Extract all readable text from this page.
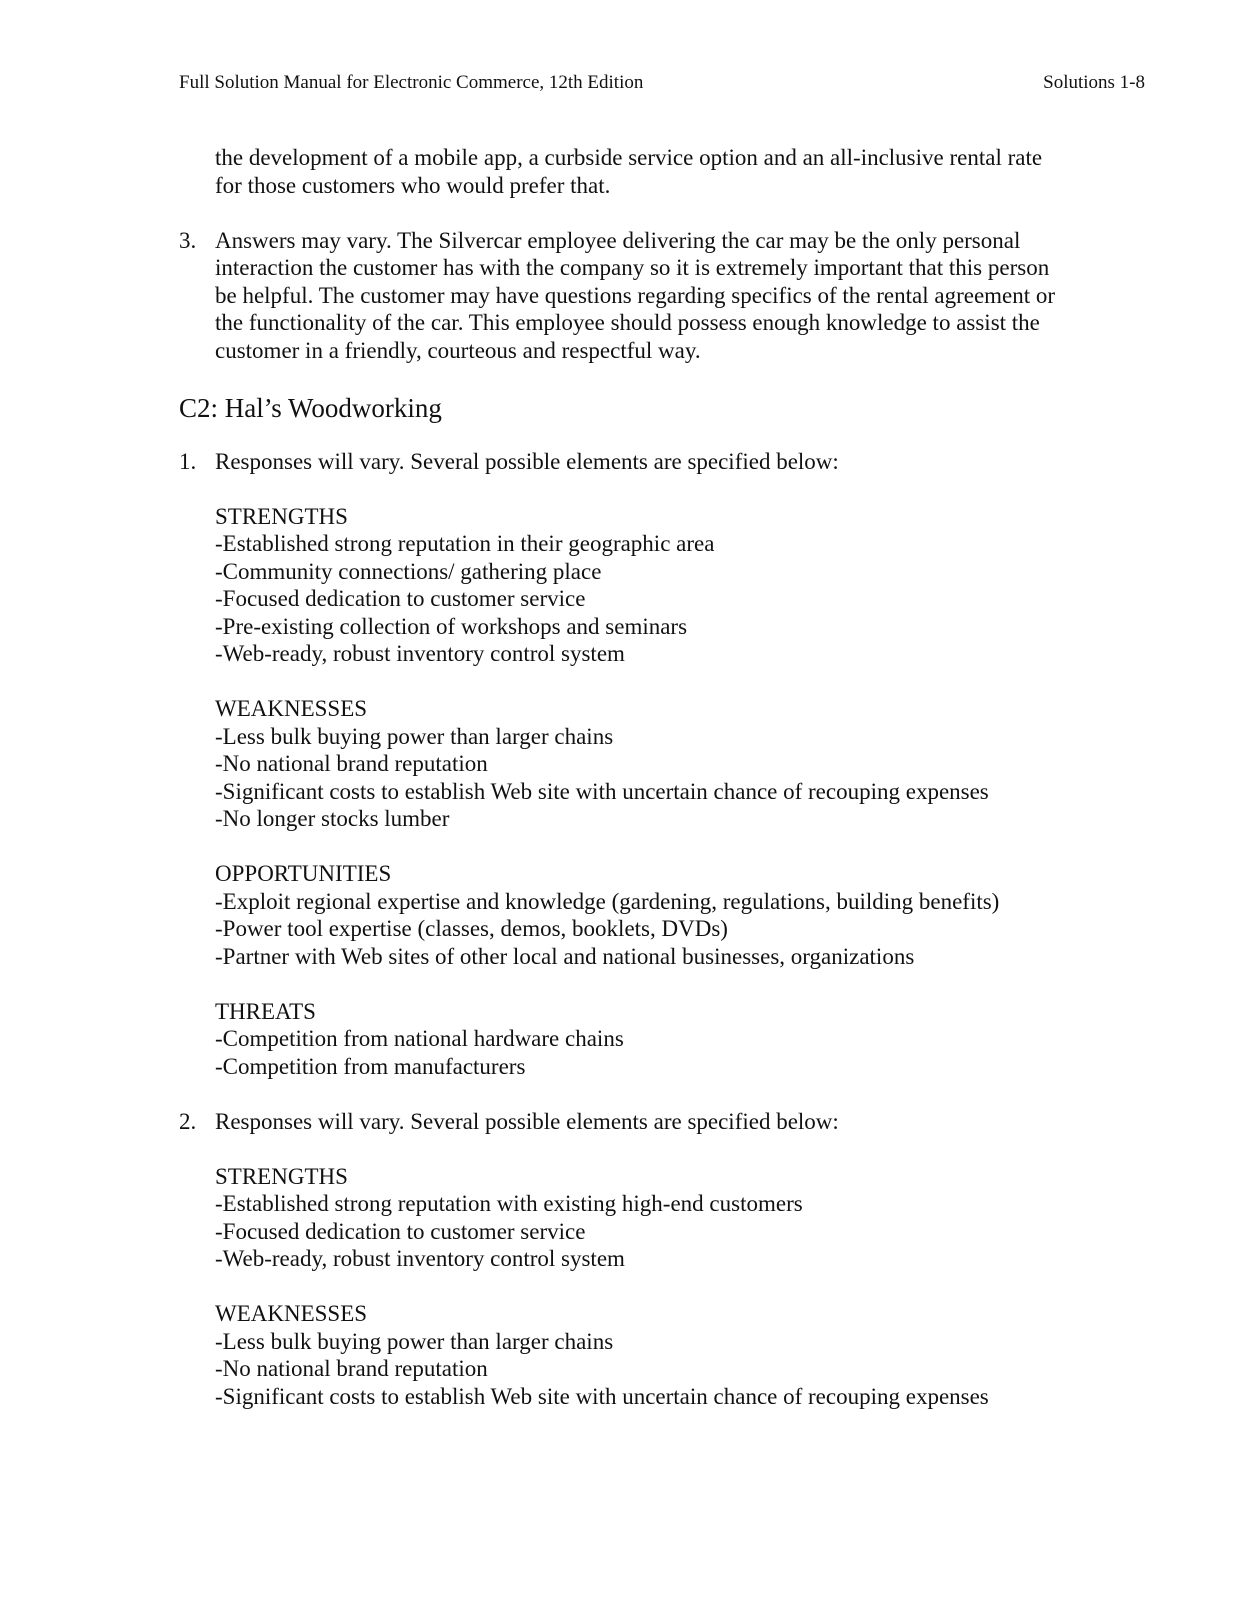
Full Solution Manual for Electronic Commerce, 12th Edition	Solutions 1-8

the development of a mobile app, a curbside service option and an all-inclusive rental rate for those customers who would prefer that.

3. Answers may vary. The Silvercar employee delivering the car may be the only personal interaction the customer has with the company so it is extremely important that this person be helpful. The customer may have questions regarding specifics of the rental agreement or the functionality of the car. This employee should possess enough knowledge to assist the customer in a friendly, courteous and respectful way.
C2: Hal’s Woodworking
1. Responses will vary. Several possible elements are specified below:
STRENGTHS
-Established strong reputation in their geographic area
-Community connections/ gathering place
-Focused dedication to customer service
-Pre-existing collection of workshops and seminars
-Web-ready, robust inventory control system
WEAKNESSES
-Less bulk buying power than larger chains
-No national brand reputation
-Significant costs to establish Web site with uncertain chance of recouping expenses
-No longer stocks lumber
OPPORTUNITIES
-Exploit regional expertise and knowledge (gardening, regulations, building benefits)
-Power tool expertise (classes, demos, booklets, DVDs)
-Partner with Web sites of other local and national businesses, organizations
THREATS
-Competition from national hardware chains
-Competition from manufacturers
2. Responses will vary. Several possible elements are specified below:
STRENGTHS
-Established strong reputation with existing high-end customers
-Focused dedication to customer service
-Web-ready, robust inventory control system
WEAKNESSES
-Less bulk buying power than larger chains
-No national brand reputation
-Significant costs to establish Web site with uncertain chance of recouping expenses
